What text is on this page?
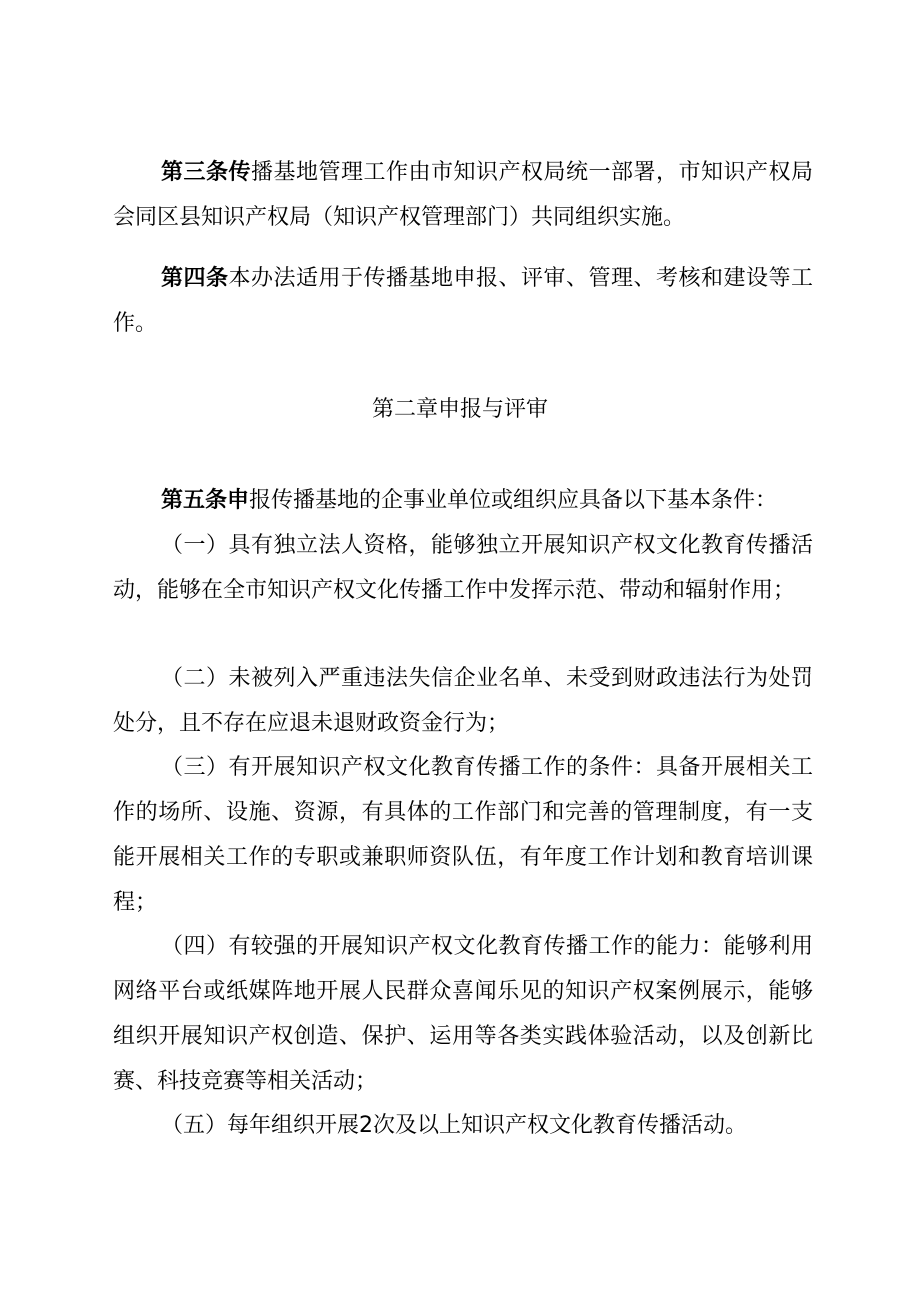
第三条传播基地管理工作由市知识产权局统一部署，市知识产权局会同区县知识产权局（知识产权管理部门）共同组织实施。

第四条本办法适用于传播基地申报、评审、管理、考核和建设等工作。

第二章申报与评审

第五条申报传播基地的企事业单位或组织应具备以下基本条件：

（一）具有独立法人资格，能够独立开展知识产权文化教育传播活动，能够在全市知识产权文化传播工作中发挥示范、带动和辐射作用；

（二）未被列入严重违法失信企业名单、未受到财政违法行为处罚处分，且不存在应退未退财政资金行为；

（三）有开展知识产权文化教育传播工作的条件：具备开展相关工作的场所、设施、资源，有具体的工作部门和完善的管理制度，有一支能开展相关工作的专职或兼职师资队伍，有年度工作计划和教育培训课程；

（四）有较强的开展知识产权文化教育传播工作的能力：能够利用网络平台或纸媒阵地开展人民群众喜闻乐见的知识产权案例展示，能够组织开展知识产权创造、保护、运用等各类实践体验活动，以及创新比赛、科技竞赛等相关活动；

（五）每年组织开展2次及以上知识产权文化教育传播活动。
